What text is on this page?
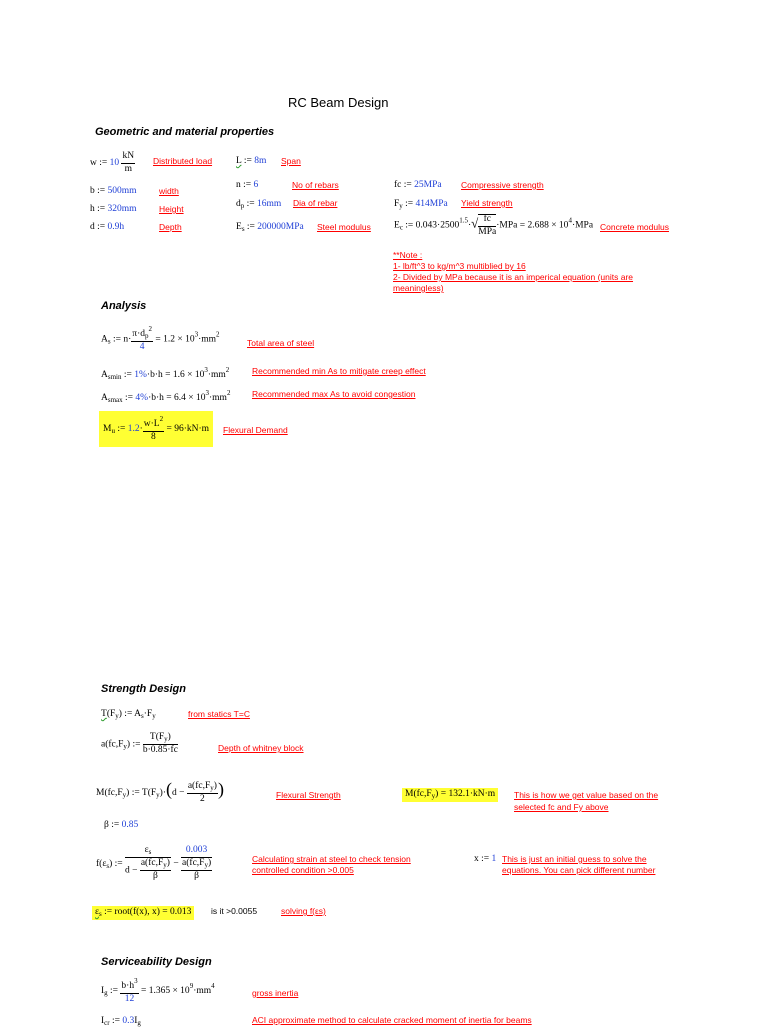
RC Beam Design
Geometric and material properties
w := $10 \frac{kN}{m}$ Distributed load	L := 8m Span
n := 6	No of rebars	fc := 25MPa Compressive strength
b := 500mm	width
$d_p$ := 16mm Dia of rebar	$F_y$ := 414MPa Yield strength
h := 320mm	Height
d := 0.9h	Depth	$E_s$ := 200000MPa Steel modulus $E_c$ := $0.043\cdot 2500^{1.5}\cdot√ \frac{fc}{\text{MPa}} \cdot MPa = 2.688 \times 10^4\cdot MPa$ Concrete modulus
**Note :
1- lb/ft^3 to kg/m^3 multiblied by 16
2- Divided by MPa because it is an imperical equation (units are
meaningless)
Analysis
$A_s$ := $n\cdot \frac{\pi\cdot d_p^2}{4} = 1.2 \times 10^3\cdot mm^2$
Total area of steel
$A_{smin}$ := $1\%\cdot b\cdot h = 1.6 \times 10^3\cdot mm^2$	Recommended min As to mitigate creep effect
$A_{smax}$ := $4\%\cdot b\cdot h = 6.4 \times 10^3\cdot mm^2$	Recommended max As to avoid congestion
$M_u$ := $1.2\cdot \frac{w\cdot L^2}{8} = 96\cdot kN\cdot m$	Flexural Demand
Strength Design
$T(F_y)$ := $A_s\cdot F_y$	from statics T=C
$a(fc,F_y)$ := $\frac{T(F_y)}{b\cdot 0.85\cdot fc}$	Depth of whitney block
$M(fc,F_y)$ := $T(F_y)\cdot(d - \frac{a(fc,F_y)}{2}$ )	Flexural Strength	$M(fc,F_y) = 132.1\cdot kN\cdot m$	This is how we get value based on the
selected fc and Fy above
β := 0.85
$f(\varepsilon_s)$ := $\frac{\varepsilon_s}{d - \frac{a(fc,F_y)}{\beta}} - \frac{0.003}{\frac{a(fc,F_y)}{\beta}}$	Calculating strain at steel to check tension
controlled condition >0.005
x := 1 This is just an initial guess to solve the
equations. You can pick different number
$\varepsilon_s$ := root(f(x), x) = 0.013	is it >0.0055	solving f(εs)
Serviceability Design
$I_g$ := $\frac{b\cdot h^3}{12} = 1.365 \times 10^9\cdot mm^4$
gross inertia
$I_{cr}$ := $0.3I_g$	ACI approximate method to calculate cracked moment of inertia for beams
